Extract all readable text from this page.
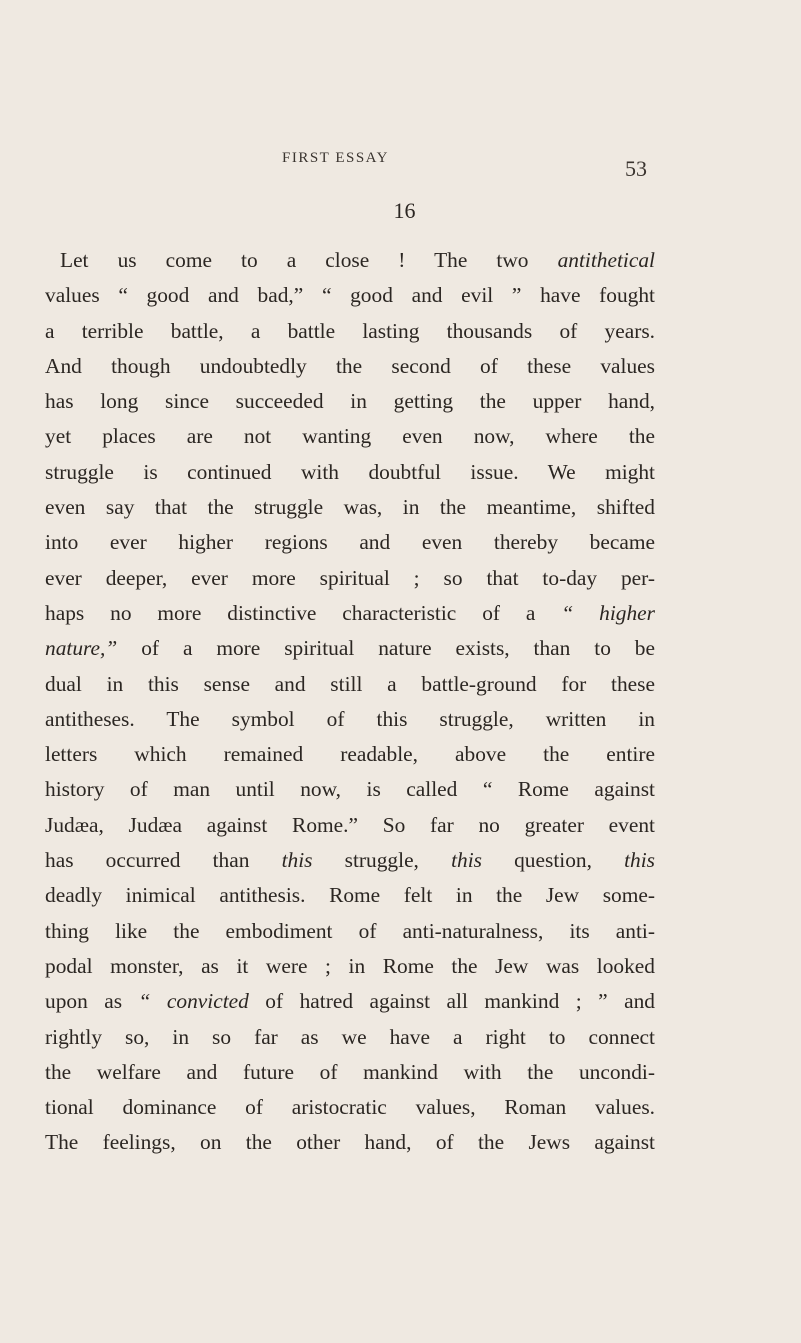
FIRST ESSAY	53
16
Let us come to a close ! The two antithetical
values “ good and bad,” “ good and evil ” have fought
a terrible battle, a battle lasting thousands of years.
And though undoubtedly the second of these values
has long since succeeded in getting the upper hand,
yet places are not wanting even now, where the
struggle is continued with doubtful issue. We might
even say that the struggle was, in the meantime, shifted
into ever higher regions and even thereby became
ever deeper, ever more spiritual ; so that to-day per-
haps no more distinctive characteristic of a “ higher
nature,” of a more spiritual nature exists, than to be
dual in this sense and still a battle-ground for these
antitheses. The symbol of this struggle, written in
letters which remained readable, above the entire
history of man until now, is called “ Rome against
Judæa, Judæa against Rome.” So far no greater event
has occurred than this struggle, this question, this
deadly inimical antithesis. Rome felt in the Jew some-
thing like the embodiment of anti-naturalness, its anti-
podal monster, as it were ; in Rome the Jew was looked
upon as “ convicted of hatred against all mankind ; ” and
rightly so, in so far as we have a right to connect
the welfare and future of mankind with the uncondi-
tional dominance of aristocratic values, Roman values.
The feelings, on the other hand, of the Jews against
